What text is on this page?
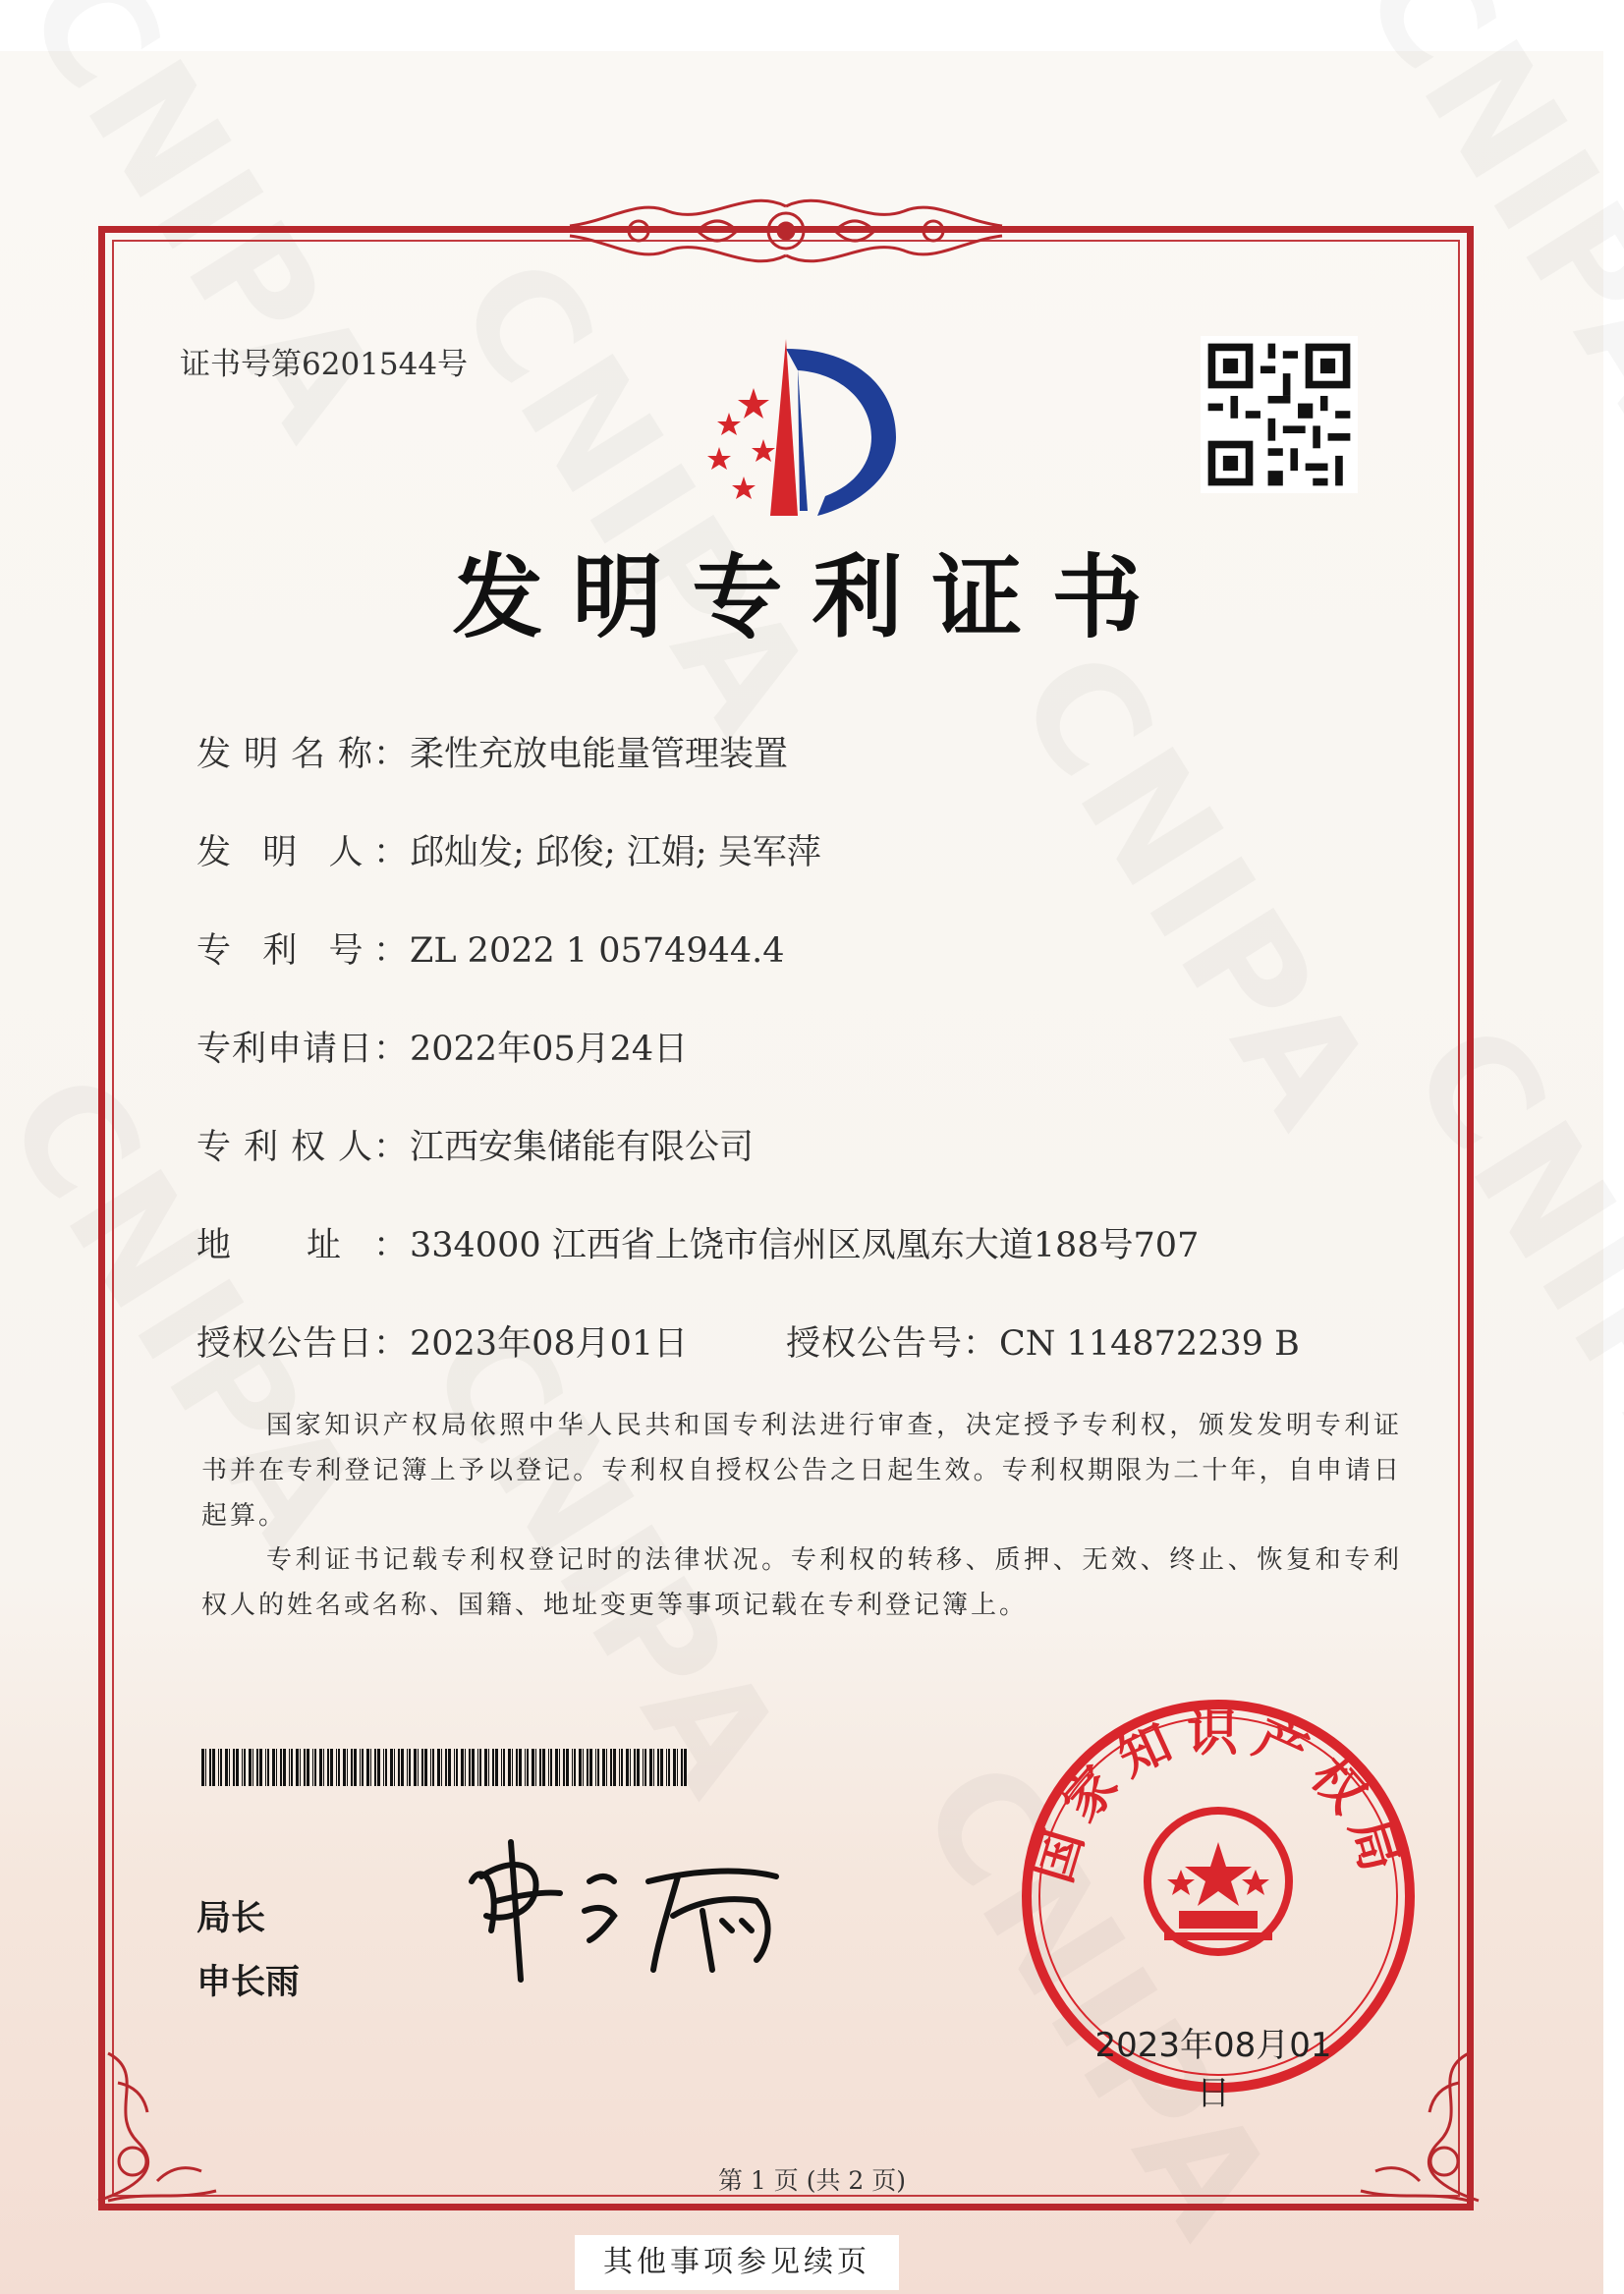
证书号第6201544号
发明专利证书
发 明 名 称：柔性充放电能量管理装置
发 明 人：邱灿发; 邱俊; 江娟; 吴军萍
专 利 号：ZL 2022 1 0574944.4
专利申请日：2022年05月24日
专 利 权 人：江西安集储能有限公司
地 址：334000 江西省上饶市信州区凤凰东大道188号707
授权公告日：2023年08月01日	授权公告号：CN 114872239 B
国家知识产权局依照中华人民共和国专利法进行审查，决定授予专利权，颁发发明专利证书并在专利登记簿上予以登记。专利权自授权公告之日起生效。专利权期限为二十年，自申请日起算。
专利证书记载专利权登记时的法律状况。专利权的转移、质押、无效、终止、恢复和专利权人的姓名或名称、国籍、地址变更等事项记载在专利登记簿上。
局长
申长雨
国家知识产权局
2023年08月01日
第 1 页 (共 2 页)
其他事项参见续页
